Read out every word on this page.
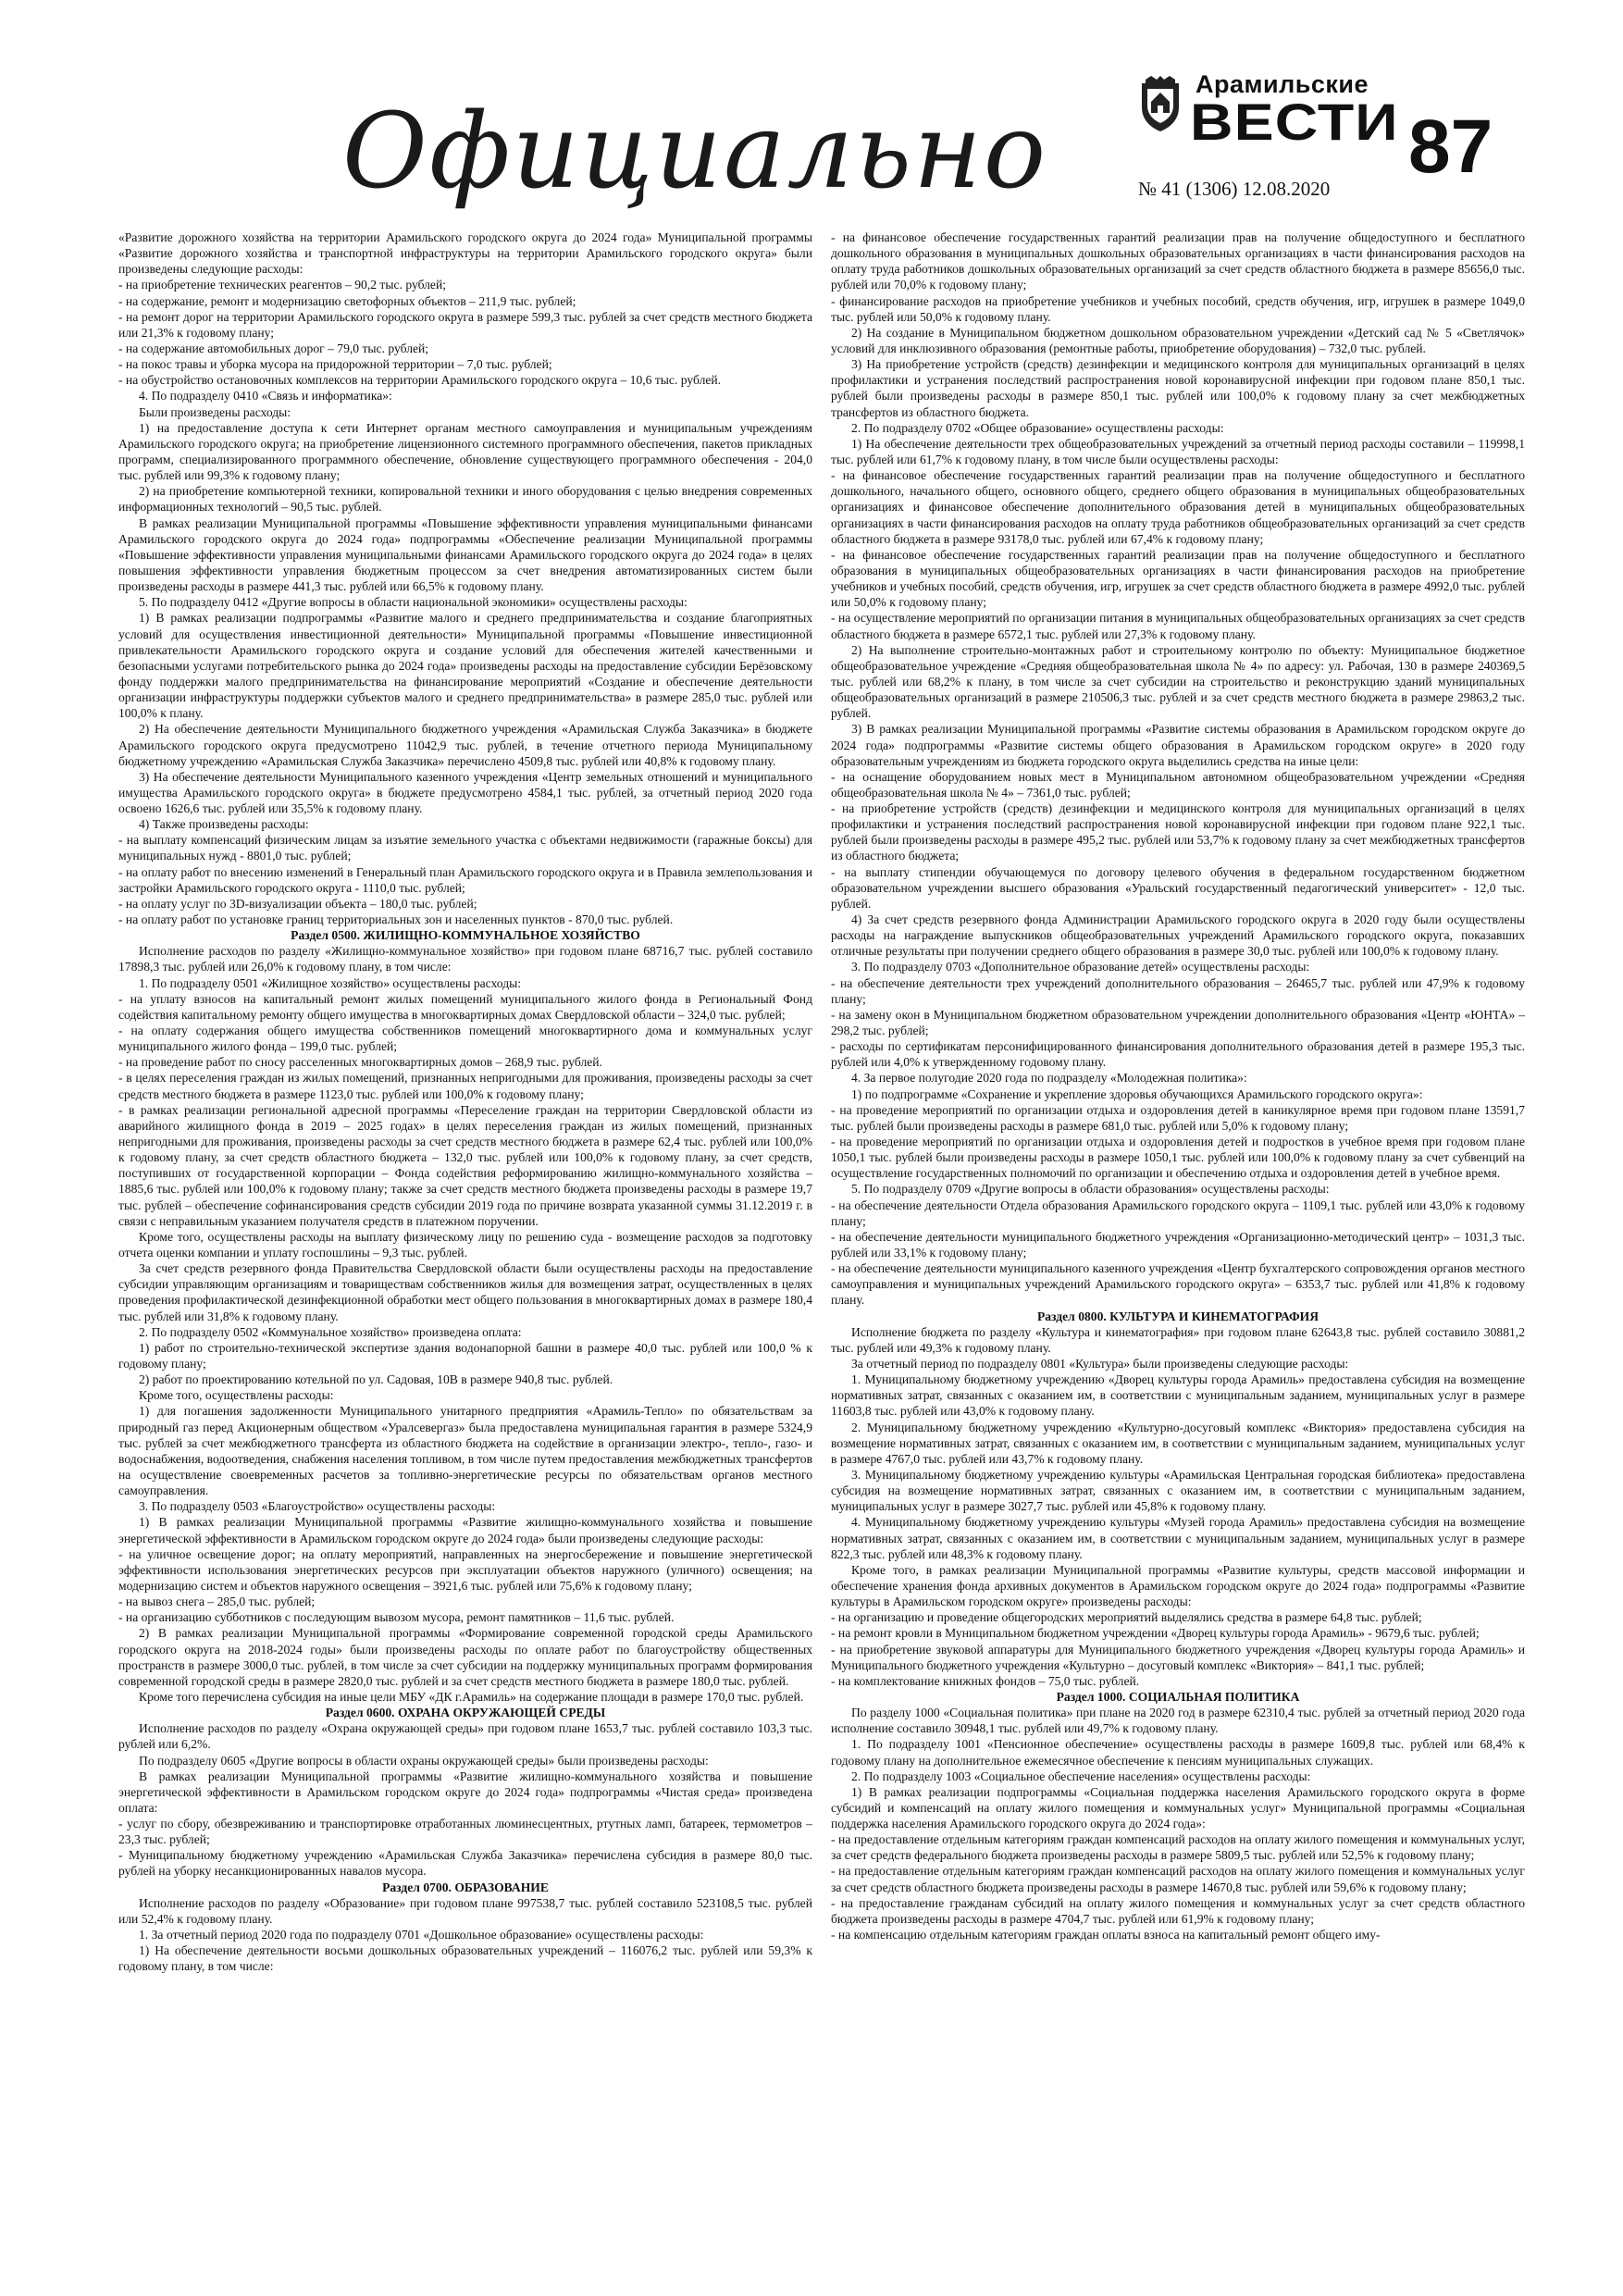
Официально
Арамильские
ВЕСТИ
№ 41 (1306) 12.08.2020 87

«Развитие дорожного хозяйства на территории Арамильского городского округа до 2024 года» Муниципальной программы «Развитие дорожного хозяйства и транспортной инфраструктуры на территории Арамильского городского округа» были произведены следующие расходы:

- на приобретение технических реагентов – 90,2 тыс. рублей;

- на содержание, ремонт и модернизацию светофорных объектов – 211,9 тыс. рублей;

- на ремонт дорог на территории Арамильского городского округа в размере 599,3 тыс. рублей за счет средств местного бюджета или 21,3% к годовому плану;

- на содержание автомобильных дорог – 79,0 тыс. рублей;

- на покос травы и уборка мусора на придорожной территории – 7,0 тыс. рублей;

- на обустройство остановочных комплексов на территории Арамильского городского округа – 10,6 тыс. рублей.

4. По подразделу 0410 «Связь и информатика»:

Были произведены расходы:

1) на предоставление доступа к сети Интернет органам местного самоуправления и муниципальным учреждениям Арамильского городского округа; на приобретение лицензионного системного программного обеспечения, пакетов прикладных программ, специализированного программного обеспечение, обновление существующего программного обеспечения - 204,0 тыс. рублей или 99,3% к годовому плану;

2) на приобретение компьютерной техники, копировальной техники и иного оборудования с целью внедрения современных информационных технологий – 90,5 тыс. рублей.

В рамках реализации Муниципальной программы «Повышение эффективности управления муниципальными финансами Арамильского городского округа до 2024 года» подпрограммы «Обеспечение реализации Муниципальной программы «Повышение эффективности управления муниципальными финансами Арамильского городского округа до 2024 года» в целях повышения эффективности управления бюджетным процессом за счет внедрения автоматизированных систем были произведены расходы в размере 441,3 тыс. рублей или 66,5% к годовому плану.

5. По подразделу 0412 «Другие вопросы в области национальной экономики» осуществлены расходы:

1) В рамках реализации подпрограммы «Развитие малого и среднего предпринимательства и создание благоприятных условий для осуществления инвестиционной деятельности» Муниципальной программы «Повышение инвестиционной привлекательности Арамильского городского округа и создание условий для обеспечения жителей качественными и безопасными услугами потребительского рынка до 2024 года» произведены расходы на предоставление субсидии Берёзовскому фонду поддержки малого предпринимательства на финансирование мероприятий «Создание и обеспечение деятельности организации инфраструктуры поддержки субъектов малого и среднего предпринимательства» в размере 285,0 тыс. рублей или 100,0% к плану.

2) На обеспечение деятельности Муниципального бюджетного учреждения «Арамильская Служба Заказчика» в бюджете Арамильского городского округа предусмотрено 11042,9 тыс. рублей, в течение отчетного периода Муниципальному бюджетному учреждению «Арамильская Служба Заказчика» перечислено 4509,8 тыс. рублей или 40,8% к годовому плану.

3) На обеспечение деятельности Муниципального казенного учреждения «Центр земельных отношений и муниципального имущества Арамильского городского округа» в бюджете предусмотрено 4584,1 тыс. рублей, за отчетный период 2020 года освоено 1626,6 тыс. рублей или 35,5% к годовому плану.

4) Также произведены расходы:

- на выплату компенсаций физическим лицам за изъятие земельного участка с объектами недвижимости (гаражные боксы) для муниципальных нужд - 8801,0 тыс. рублей;

- на оплату работ по внесению изменений в Генеральный план Арамильского городского округа и в Правила землепользования и застройки Арамильского городского округа - 1110,0 тыс. рублей;

- на оплату услуг по 3D-визуализации объекта – 180,0 тыс. рублей;

- на оплату работ по установке границ территориальных зон и населенных пунктов - 870,0 тыс. рублей.

Раздел 0500. ЖИЛИЩНО-КОММУНАЛЬНОЕ ХОЗЯЙСТВО

Исполнение расходов по разделу «Жилищно-коммунальное хозяйство» при годовом плане 68716,7 тыс. рублей составило 17898,3 тыс. рублей или 26,0% к годовому плану, в том числе:

1. По подразделу 0501 «Жилищное хозяйство» осуществлены расходы:

- на уплату взносов на капитальный ремонт жилых помещений муниципального жилого фонда в Региональный Фонд содействия капитальному ремонту общего имущества в многоквартирных домах Свердловской области – 324,0 тыс. рублей;

- на оплату содержания общего имущества собственников помещений многоквартирного дома и коммунальных услуг муниципального жилого фонда – 199,0 тыс. рублей;

- на проведение работ по сносу расселенных многоквартирных домов – 268,9 тыс. рублей.

- в целях переселения граждан из жилых помещений, признанных непригодными для проживания, произведены расходы за счет средств местного бюджета в размере 1123,0 тыс. рублей или 100,0% к годовому плану;

- в рамках реализации региональной адресной программы «Переселение граждан на территории Свердловской области из аварийного жилищного фонда в 2019 – 2025 годах» в целях переселения граждан из жилых помещений, признанных непригодными для проживания, произведены расходы за счет средств местного бюджета в размере 62,4 тыс. рублей или 100,0% к годовому плану, за счет средств областного бюджета – 132,0 тыс. рублей или 100,0% к годовому плану, за счет средств, поступивших от государственной корпорации – Фонда содействия реформированию жилищно-коммунального хозяйства – 1885,6 тыс. рублей или 100,0% к годовому плану; также за счет средств местного бюджета произведены расходы в размере 19,7 тыс. рублей – обеспечение софинансирования средств субсидии 2019 года по причине возврата указанной суммы 31.12.2019 г. в связи с неправильным указанием получателя средств в платежном поручении.

Кроме того, осуществлены расходы на выплату физическому лицу по решению суда - возмещение расходов за подготовку отчета оценки компании и уплату госпошлины – 9,3 тыс. рублей.

За счет средств резервного фонда Правительства Свердловской области были осуществлены расходы на предоставление субсидии управляющим организациям и товариществам собственников жилья для возмещения затрат, осуществленных в целях проведения профилактической дезинфекционной обработки мест общего пользования в многоквартирных домах в размере 180,4 тыс. рублей или 31,8% к годовому плану.

2. По подразделу 0502 «Коммунальное хозяйство» произведена оплата:

1) работ по строительно-технической экспертизе здания водонапорной башни в размере 40,0 тыс. рублей или 100,0 % к годовому плану;

2) работ по проектированию котельной по ул. Садовая, 10В в размере 940,8 тыс. рублей.

Кроме того, осуществлены расходы:

1) для погашения задолженности Муниципального унитарного предприятия «Арамиль-Тепло» по обязательствам за природный газ перед Акционерным обществом «Уралсевергаз» была предоставлена муниципальная гарантия в размере 5324,9 тыс. рублей за счет межбюджетного трансферта из областного бюджета на содействие в организации электро-, тепло-, газо- и водоснабжения, водоотведения, снабжения населения топливом, в том числе путем предоставления межбюджетных трансфертов на осуществление своевременных расчетов за топливно-энергетические ресурсы по обязательствам органов местного самоуправления.

3. По подразделу 0503 «Благоустройство» осуществлены расходы:

1) В рамках реализации Муниципальной программы «Развитие жилищно-коммунального хозяйства и повышение энергетической эффективности в Арамильском городском округе до 2024 года» были произведены следующие расходы:

- на уличное освещение дорог; на оплату мероприятий, направленных на энергосбережение и повышение энергетической эффективности использования энергетических ресурсов при эксплуатации объектов наружного (уличного) освещения; на модернизацию систем и объектов наружного освещения – 3921,6 тыс. рублей или 75,6% к годовому плану;

- на вывоз снега – 285,0 тыс. рублей;

- на организацию субботников с последующим вывозом мусора, ремонт памятников – 11,6 тыс. рублей.

2) В рамках реализации Муниципальной программы «Формирование современной городской среды Арамильского городского округа на 2018-2024 годы» были произведены расходы по оплате работ по благоустройству общественных пространств в размере 3000,0 тыс. рублей, в том числе за счет субсидии на поддержку муниципальных программ формирования современной городской среды в размере 2820,0 тыс. рублей и за счет средств местного бюджета в размере 180,0 тыс. рублей.

Кроме того перечислена субсидия на иные цели МБУ «ДК г.Арамиль» на содержание площади в размере 170,0 тыс. рублей.

Раздел 0600. ОХРАНА ОКРУЖАЮЩЕЙ СРЕДЫ

Исполнение расходов по разделу «Охрана окружающей среды» при годовом плане 1653,7 тыс. рублей составило 103,3 тыс. рублей или 6,2%.

По подразделу 0605 «Другие вопросы в области охраны окружающей среды» были произведены расходы:

В рамках реализации Муниципальной программы «Развитие жилищно-коммунального хозяйства и повышение энергетической эффективности в Арамильском городском округе до 2024 года» подпрограммы «Чистая среда» произведена оплата:

- услуг по сбору, обезвреживанию и транспортировке отработанных люминесцентных, ртутных ламп, батареек, термометров – 23,3 тыс. рублей;

- Муниципальному бюджетному учреждению «Арамильская Служба Заказчика» перечислена субсидия в размере 80,0 тыс. рублей на уборку несанкционированных навалов мусора.

Раздел 0700. ОБРАЗОВАНИЕ

Исполнение расходов по разделу «Образование» при годовом плане 997538,7 тыс. рублей составило 523108,5 тыс. рублей или 52,4% к годовому плану.

1. За отчетный период 2020 года по подразделу 0701 «Дошкольное образование» осуществлены расходы:

1) На обеспечение деятельности восьми дошкольных образовательных учреждений – 116076,2 тыс. рублей или 59,3% к годовому плану, в том числе:

- на финансовое обеспечение государственных гарантий реализации прав на получение общедоступного и бесплатного дошкольного образования в муниципальных дошкольных образовательных организациях в части финансирования расходов на оплату труда работников дошкольных образовательных организаций за счет средств областного бюджета в размере 85656,0 тыс. рублей или 70,0% к годовому плану;

- финансирование расходов на приобретение учебников и учебных пособий, средств обучения, игр, игрушек в размере 1049,0 тыс. рублей или 50,0% к годовому плану.

2) На создание в Муниципальном бюджетном дошкольном образовательном учреждении «Детский сад № 5 «Светлячок» условий для инклюзивного образования (ремонтные работы, приобретение оборудования) – 732,0 тыс. рублей.

3) На приобретение устройств (средств) дезинфекции и медицинского контроля для муниципальных организаций в целях профилактики и устранения последствий распространения новой коронавирусной инфекции при годовом плане 850,1 тыс. рублей были произведены расходы в размере 850,1 тыс. рублей или 100,0% к годовому плану за счет межбюджетных трансфертов из областного бюджета.

2. По подразделу 0702 «Общее образование» осуществлены расходы:

1) На обеспечение деятельности трех общеобразовательных учреждений за отчетный период расходы составили – 119998,1 тыс. рублей или 61,7% к годовому плану, в том числе были осуществлены расходы:

- на финансовое обеспечение государственных гарантий реализации прав на получение общедоступного и бесплатного дошкольного, начального общего, основного общего, среднего общего образования в муниципальных общеобразовательных организациях и финансовое обеспечение дополнительного образования детей в муниципальных общеобразовательных организациях в части финансирования расходов на оплату труда работников общеобразовательных организаций за счет средств областного бюджета в размере 93178,0 тыс. рублей или 67,4% к годовому плану;

- на финансовое обеспечение государственных гарантий реализации прав на получение общедоступного и бесплатного образования в муниципальных общеобразовательных организациях в части финансирования расходов на приобретение учебников и учебных пособий, средств обучения, игр, игрушек за счет средств областного бюджета в размере 4992,0 тыс. рублей или 50,0% к годовому плану;

- на осуществление мероприятий по организации питания в муниципальных общеобразовательных организациях за счет средств областного бюджета в размере 6572,1 тыс. рублей или 27,3% к годовому плану.

2) На выполнение строительно-монтажных работ и строительному контролю по объекту: Муниципальное бюджетное общеобразовательное учреждение «Средняя общеобразовательная школа № 4» по адресу: ул. Рабочая, 130 в размере 240369,5 тыс. рублей или 68,2% к плану, в том числе за счет субсидии на строительство и реконструкцию зданий муниципальных общеобразовательных организаций в размере 210506,3 тыс. рублей и за счет средств местного бюджета в размере 29863,2 тыс. рублей.

3) В рамках реализации Муниципальной программы «Развитие системы образования в Арамильском городском округе до 2024 года» подпрограммы «Развитие системы общего образования в Арамильском городском округе» в 2020 году образовательным учреждениям из бюджета городского округа выделились средства на иные цели:

- на оснащение оборудованием новых мест в Муниципальном автономном общеобразовательном учреждении «Средняя общеобразовательная школа № 4» – 7361,0 тыс. рублей;

- на приобретение устройств (средств) дезинфекции и медицинского контроля для муниципальных организаций в целях профилактики и устранения последствий распространения новой коронавирусной инфекции при годовом плане 922,1 тыс. рублей были произведены расходы в размере 495,2 тыс. рублей или 53,7% к годовому плану за счет межбюджетных трансфертов из областного бюджета;

- на выплату стипендии обучающемуся по договору целевого обучения в федеральном государственном бюджетном образовательном учреждении высшего образования «Уральский государственный педагогический университет» - 12,0 тыс. рублей.

4) За счет средств резервного фонда Администрации Арамильского городского округа в 2020 году были осуществлены расходы на награждение выпускников общеобразовательных учреждений Арамильского городского округа, показавших отличные результаты при получении среднего общего образования в размере 30,0 тыс. рублей или 100,0% к годовому плану.

3. По подразделу 0703 «Дополнительное образование детей» осуществлены расходы:

- на обеспечение деятельности трех учреждений дополнительного образования – 26465,7 тыс. рублей или 47,9% к годовому плану;

- на замену окон в Муниципальном бюджетном образовательном учреждении дополнительного образования «Центр «ЮНТА» – 298,2 тыс. рублей;

- расходы по сертификатам персонифицированного финансирования дополнительного образования детей в размере 195,3 тыс. рублей или 4,0% к утвержденному годовому плану.

4. За первое полугодие 2020 года по подразделу «Молодежная политика»:

1) по подпрограмме «Сохранение и укрепление здоровья обучающихся Арамильского городского округа»:

- на проведение мероприятий по организации отдыха и оздоровления детей в каникулярное время при годовом плане 13591,7 тыс. рублей были произведены расходы в размере 681,0 тыс. рублей или 5,0% к годовому плану;

- на проведение мероприятий по организации отдыха и оздоровления детей и подростков в учебное время при годовом плане 1050,1 тыс. рублей были произведены расходы в размере 1050,1 тыс. рублей или 100,0% к годовому плану за счет субвенций на осуществление государственных полномочий по организации и обеспечению отдыха и оздоровления детей в учебное время.

5. По подразделу 0709 «Другие вопросы в области образования» осуществлены расходы:

- на обеспечение деятельности Отдела образования Арамильского городского округа – 1109,1 тыс. рублей или 43,0% к годовому плану;

- на обеспечение деятельности муниципального бюджетного учреждения «Организационно-методический центр» – 1031,3 тыс. рублей или 33,1% к годовому плану;

- на обеспечение деятельности муниципального казенного учреждения «Центр бухгалтерского сопровождения органов местного самоуправления и муниципальных учреждений Арамильского городского округа» – 6353,7 тыс. рублей или 41,8% к годовому плану.

Раздел 0800. КУЛЬТУРА И КИНЕМАТОГРАФИЯ

Исполнение бюджета по разделу «Культура и кинематография» при годовом плане 62643,8 тыс. рублей составило 30881,2 тыс. рублей или 49,3% к годовому плану.

За отчетный период по подразделу 0801 «Культура» были произведены следующие расходы:

1. Муниципальному бюджетному учреждению «Дворец культуры города Арамиль» предоставлена субсидия на возмещение нормативных затрат, связанных с оказанием им, в соответствии с муниципальным заданием, муниципальных услуг в размере 11603,8 тыс. рублей или 43,0% к годовому плану.

2. Муниципальному бюджетному учреждению «Культурно-досуговый комплекс «Виктория» предоставлена субсидия на возмещение нормативных затрат, связанных с оказанием им, в соответствии с муниципальным заданием, муниципальных услуг в размере 4767,0 тыс. рублей или 43,7% к годовому плану.

3. Муниципальному бюджетному учреждению культуры «Арамильская Центральная городская библиотека» предоставлена субсидия на возмещение нормативных затрат, связанных с оказанием им, в соответствии с муниципальным заданием, муниципальных услуг в размере 3027,7 тыс. рублей или 45,8% к годовому плану.

4. Муниципальному бюджетному учреждению культуры «Музей города Арамиль» предоставлена субсидия на возмещение нормативных затрат, связанных с оказанием им, в соответствии с муниципальным заданием, муниципальных услуг в размере 822,3 тыс. рублей или 48,3% к годовому плану.

Кроме того, в рамках реализации Муниципальной программы «Развитие культуры, средств массовой информации и обеспечение хранения фонда архивных документов в Арамильском городском округе до 2024 года» подпрограммы «Развитие культуры в Арамильском городском округе» произведены расходы:

- на организацию и проведение общегородских мероприятий выделялись средства в размере 64,8 тыс. рублей;

- на ремонт кровли в Муниципальном бюджетном учреждении «Дворец культуры города Арамиль» - 9679,6 тыс. рублей;

- на приобретение звуковой аппаратуры для Муниципального бюджетного учреждения «Дворец культуры города Арамиль» и Муниципального бюджетного учреждения «Культурно – досуговый комплекс «Виктория» – 841,1 тыс. рублей;

- на комплектование книжных фондов – 75,0 тыс. рублей.

Раздел 1000. СОЦИАЛЬНАЯ ПОЛИТИКА

По разделу 1000 «Социальная политика» при плане на 2020 год в размере 62310,4 тыс. рублей за отчетный период 2020 года исполнение составило 30948,1 тыс. рублей или 49,7% к годовому плану.

1. По подразделу 1001 «Пенсионное обеспечение» осуществлены расходы в размере 1609,8 тыс. рублей или 68,4% к годовому плану на дополнительное ежемесячное обеспечение к пенсиям муниципальных служащих.

2. По подразделу 1003 «Социальное обеспечение населения» осуществлены расходы:

1) В рамках реализации подпрограммы «Социальная поддержка населения Арамильского городского округа в форме субсидий и компенсаций на оплату жилого помещения и коммунальных услуг» Муниципальной программы «Социальная поддержка населения Арамильского городского округа до 2024 года»:

- на предоставление отдельным категориям граждан компенсаций расходов на оплату жилого помещения и коммунальных услуг, за счет средств федерального бюджета произведены расходы в размере 5809,5 тыс. рублей или 52,5% к годовому плану;

- на предоставление отдельным категориям граждан компенсаций расходов на оплату жилого помещения и коммунальных услуг за счет средств областного бюджета произведены расходы в размере 14670,8 тыс. рублей или 59,6% к годовому плану;

- на предоставление гражданам субсидий на оплату жилого помещения и коммунальных услуг за счет средств областного бюджета произведены расходы в размере 4704,7 тыс. рублей или 61,9% к годовому плану;

- на компенсацию отдельным категориям граждан оплаты взноса на капитальный ремонт общего иму-
